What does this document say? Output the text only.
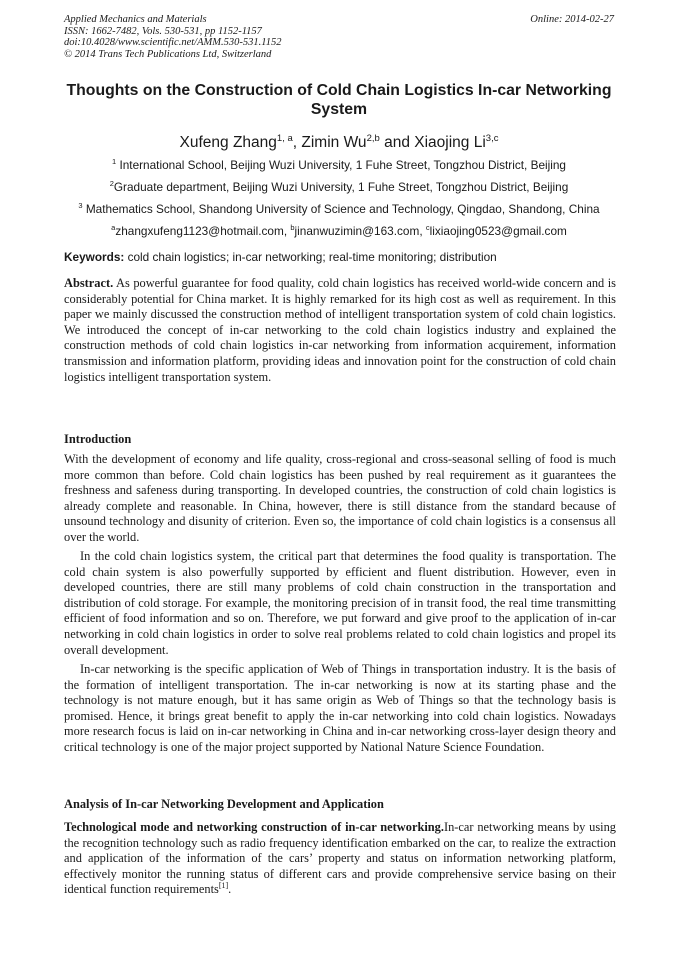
Applied Mechanics and Materials
ISSN: 1662-7482, Vols. 530-531, pp 1152-1157
doi:10.4028/www.scientific.net/AMM.530-531.1152
© 2014 Trans Tech Publications Ltd, Switzerland
Online: 2014-02-27
Thoughts on the Construction of Cold Chain Logistics In-car Networking System
Xufeng Zhang$^{1, a}$, Zimin Wu$^{2,b}$ and Xiaojing Li$^{3,c}$
$^1$ International School, Beijing Wuzi University, 1 Fuhe Street, Tongzhou District, Beijing
$^2$Graduate department, Beijing Wuzi University, 1 Fuhe Street, Tongzhou District, Beijing
$^3$ Mathematics School, Shandong University of Science and Technology, Qingdao, Shandong, China
$^a$zhangxufeng1123@hotmail.com, $^b$jinanwuzimin@163.com, $^c$lixiaojing0523@gmail.com
Keywords: cold chain logistics; in-car networking; real-time monitoring; distribution

Abstract. As powerful guarantee for food quality, cold chain logistics has received world-wide concern and is considerably potential for China market. It is highly remarked for its high cost as well as requirement. In this paper we mainly discussed the construction method of intelligent transportation system of cold chain logistics. We introduced the concept of in-car networking to the cold chain logistics industry and explained the construction methods of cold chain logistics in-car networking from information acquirement, information transmission and information platform, providing ideas and innovation point for the construction of cold chain logistics intelligent transportation system.

Introduction

With the development of economy and life quality, cross-regional and cross-seasonal selling of food is much more common than before. Cold chain logistics has been pushed by real requirement as it guarantees the freshness and safeness during transporting. In developed countries, the construction of cold chain logistics is already complete and reasonable. In China, however, there is still distance from the standard because of unsound technology and disunity of criterion. Even so, the importance of cold chain logistics is a consensus all over the world.

In the cold chain logistics system, the critical part that determines the food quality is transportation. The cold chain system is also powerfully supported by efficient and fluent distribution. However, even in developed countries, there are still many problems of cold chain construction in the transportation and distribution of cold storage. For example, the monitoring precision of in transit food, the real time transmitting efficient of food information and so on. Therefore, we put forward and give proof to the application of in-car networking in cold chain logistics in order to solve real problems related to cold chain logistics and propel its overall development.

In-car networking is the specific application of Web of Things in transportation industry. It is the basis of the formation of intelligent transportation. The in-car networking is now at its starting phase and the technology is not mature enough, but it has same origin as Web of Things so that the technology basis is promised. Hence, it brings great benefit to apply the in-car networking into cold chain logistics. Nowadays more research focus is laid on in-car networking in China and in-car networking cross-layer design theory and critical technology is one of the major project supported by National Nature Science Foundation.

Analysis of In-car Networking Development and Application

Technological mode and networking construction of in-car networking.In-car networking means by using the recognition technology such as radio frequency identification embarked on the car, to realize the extraction and application of the information of the cars’ property and status on information networking platform, effectively monitor the running status of different cars and provide comprehensive service basing on their identical function requirements[1].
